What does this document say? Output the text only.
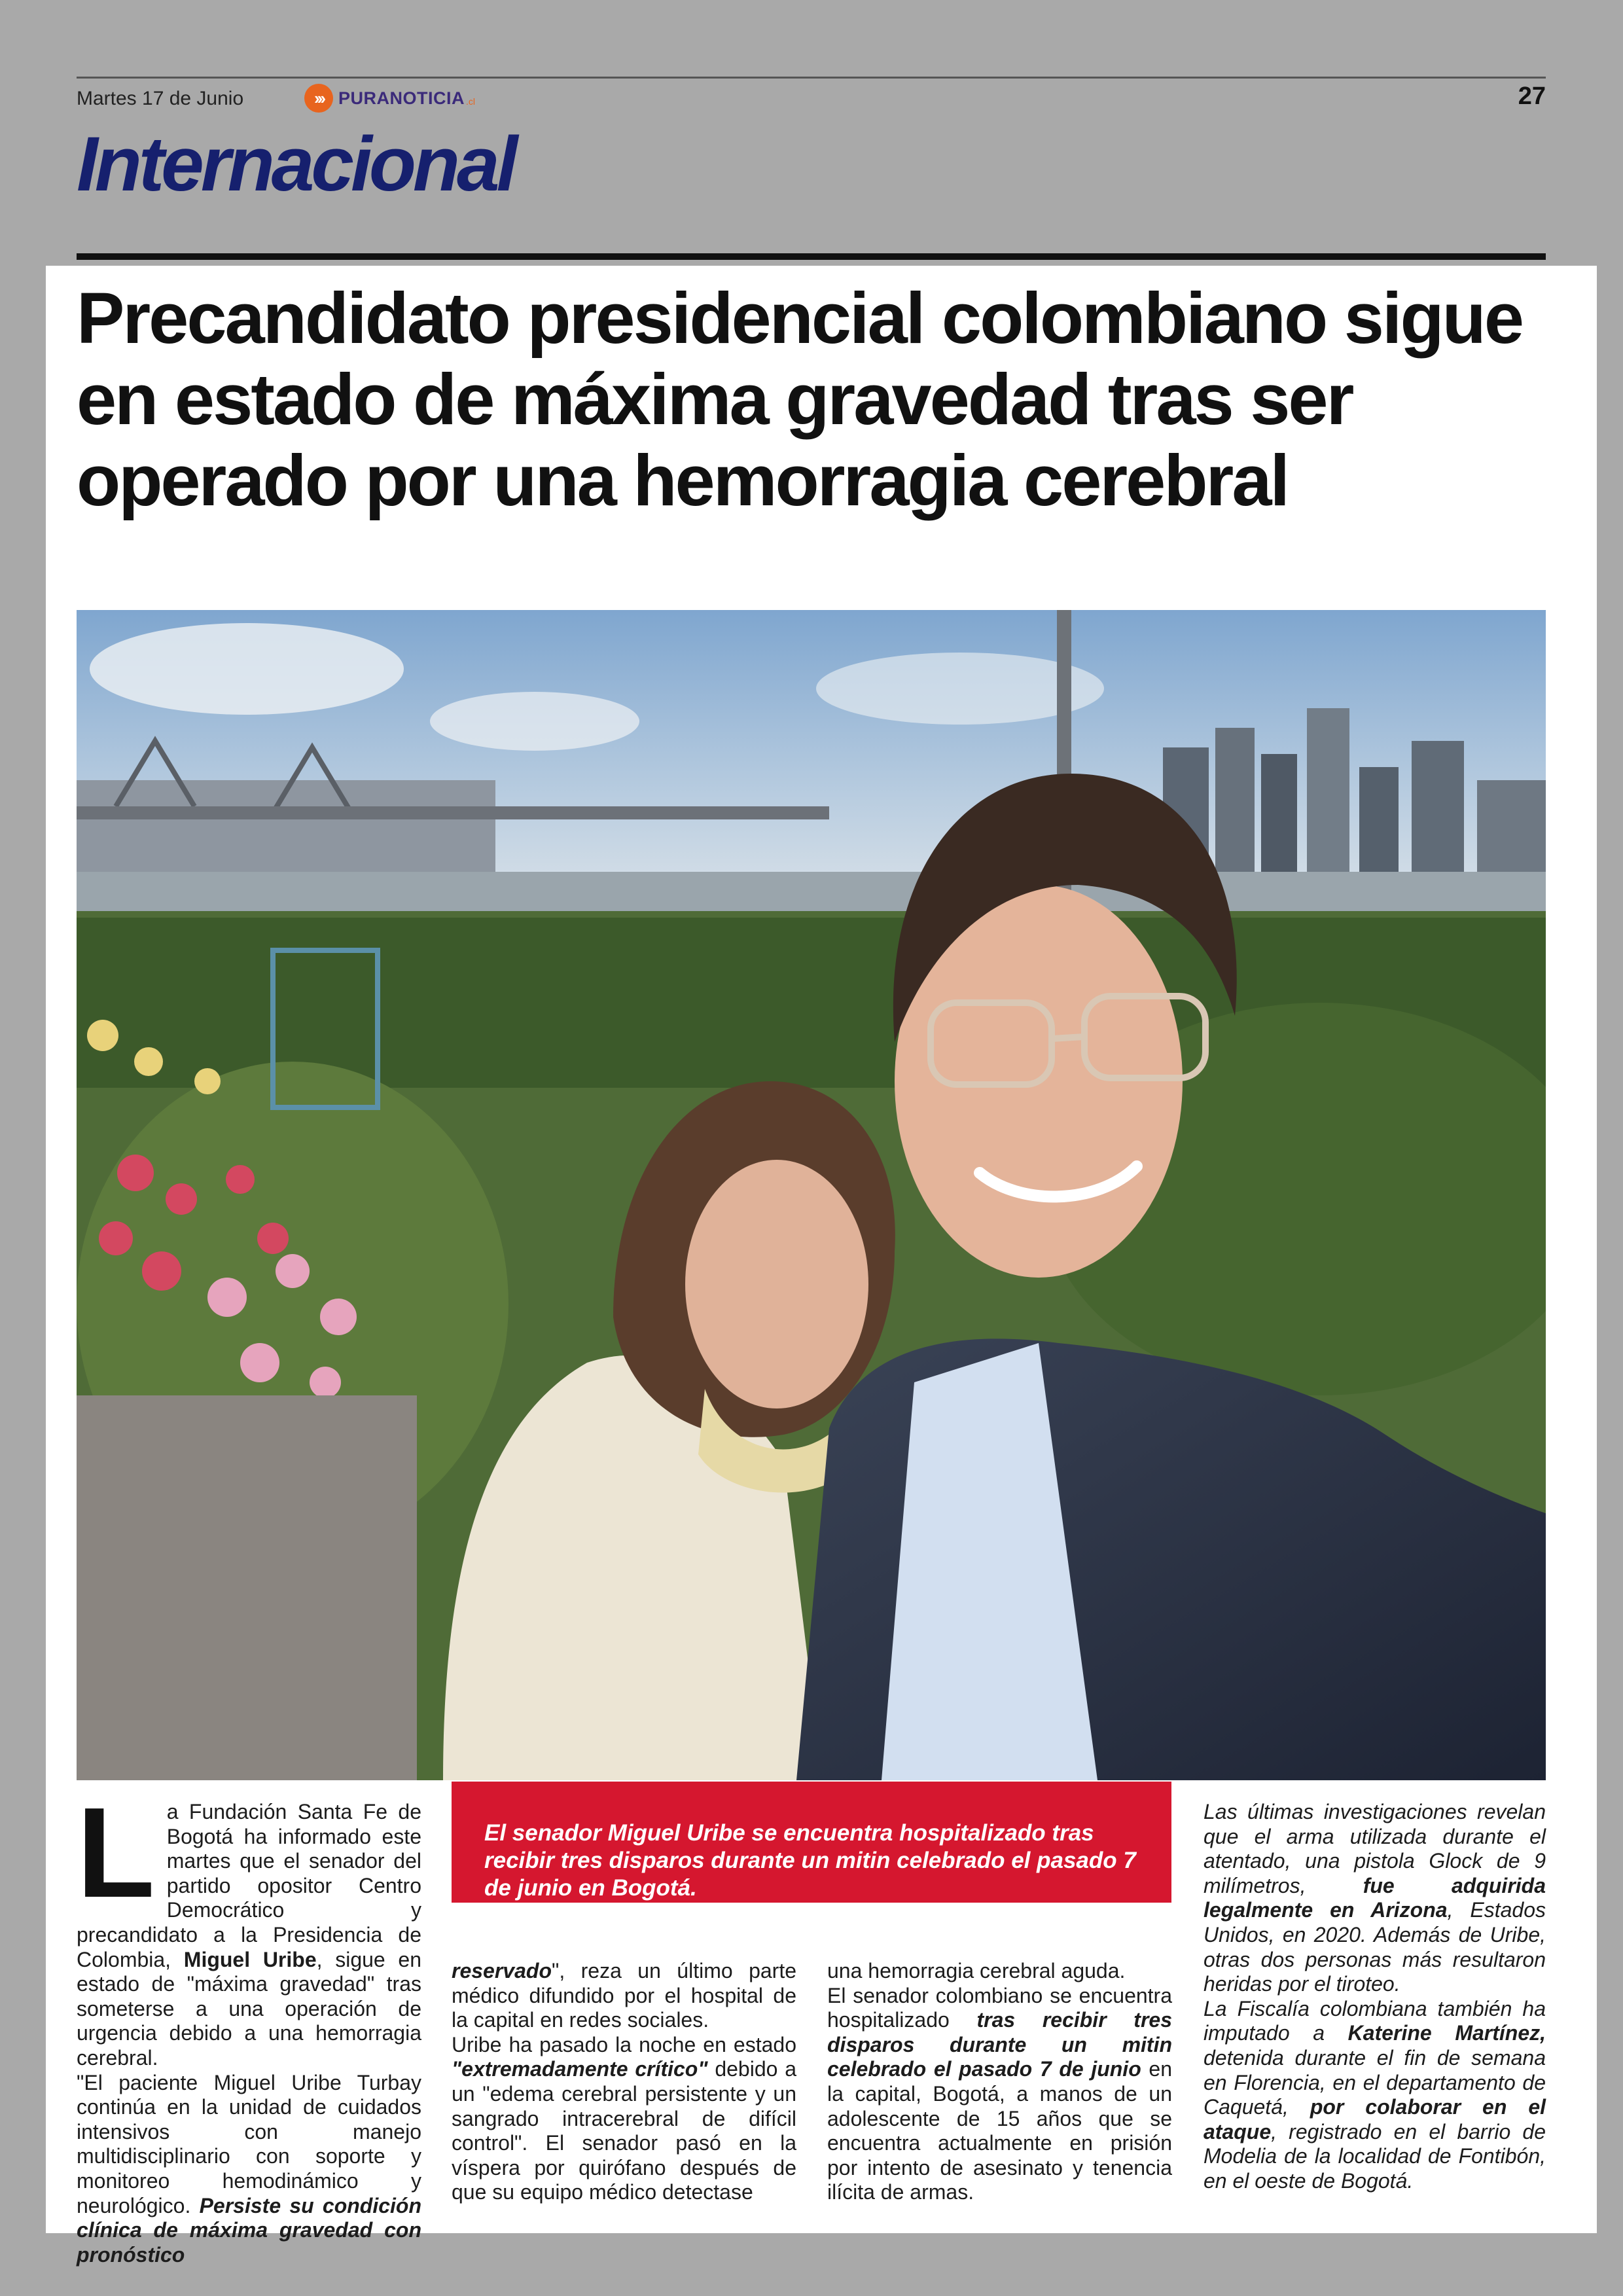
Martes 17 de Junio	››› PURANOTICIA .cl	27
Internacional
Precandidato presidencial colombiano sigue en estado de máxima gravedad tras ser operado por una hemorragia cerebral
El senador Miguel Uribe se encuentra hospitalizado tras recibir tres disparos durante un mitin celebrado el pasado 7 de junio en Bogotá.
L a Fundación Santa Fe de Bogotá ha informado este martes que el senador del partido opositor Centro Democrático y precandidato a la Presidencia de Colombia, Miguel Uribe, sigue en estado de "máxima gravedad" tras someterse a una operación de urgencia debido a una hemorragia cerebral.

"El paciente Miguel Uribe Turbay continúa en la unidad de cuidados intensivos con manejo multidisciplinario con soporte y monitoreo hemodinámico y neurológico. Persiste su condición clínica de máxima gravedad con pronóstico

reservado", reza un último parte médico difundido por el hospital de la capital en redes sociales.

Uribe ha pasado la noche en estado "extremadamente crítico" debido a un "edema cerebral persistente y un sangrado intracerebral de difícil control". El senador pasó en la víspera por quirófano después de que su equipo médico detectase

una hemorragia cerebral aguda.

El senador colombiano se encuentra hospitalizado tras recibir tres disparos durante un mitin celebrado el pasado 7 de junio en la capital, Bogotá, a manos de un adolescente de 15 años que se encuentra actualmente en prisión por intento de asesinato y tenencia ilícita de armas.

Las últimas investigaciones revelan que el arma utilizada durante el atentado, una pistola Glock de 9 milímetros, fue adquirida legalmente en Arizona, Estados Unidos, en 2020. Además de Uribe, otras dos personas más resultaron heridas por el tiroteo.

La Fiscalía colombiana también ha imputado a Katerine Martínez, detenida durante el fin de semana en Florencia, en el departamento de Caquetá, por colaborar en el ataque, registrado en el barrio de Modelia de la localidad de Fontibón, en el oeste de Bogotá.
